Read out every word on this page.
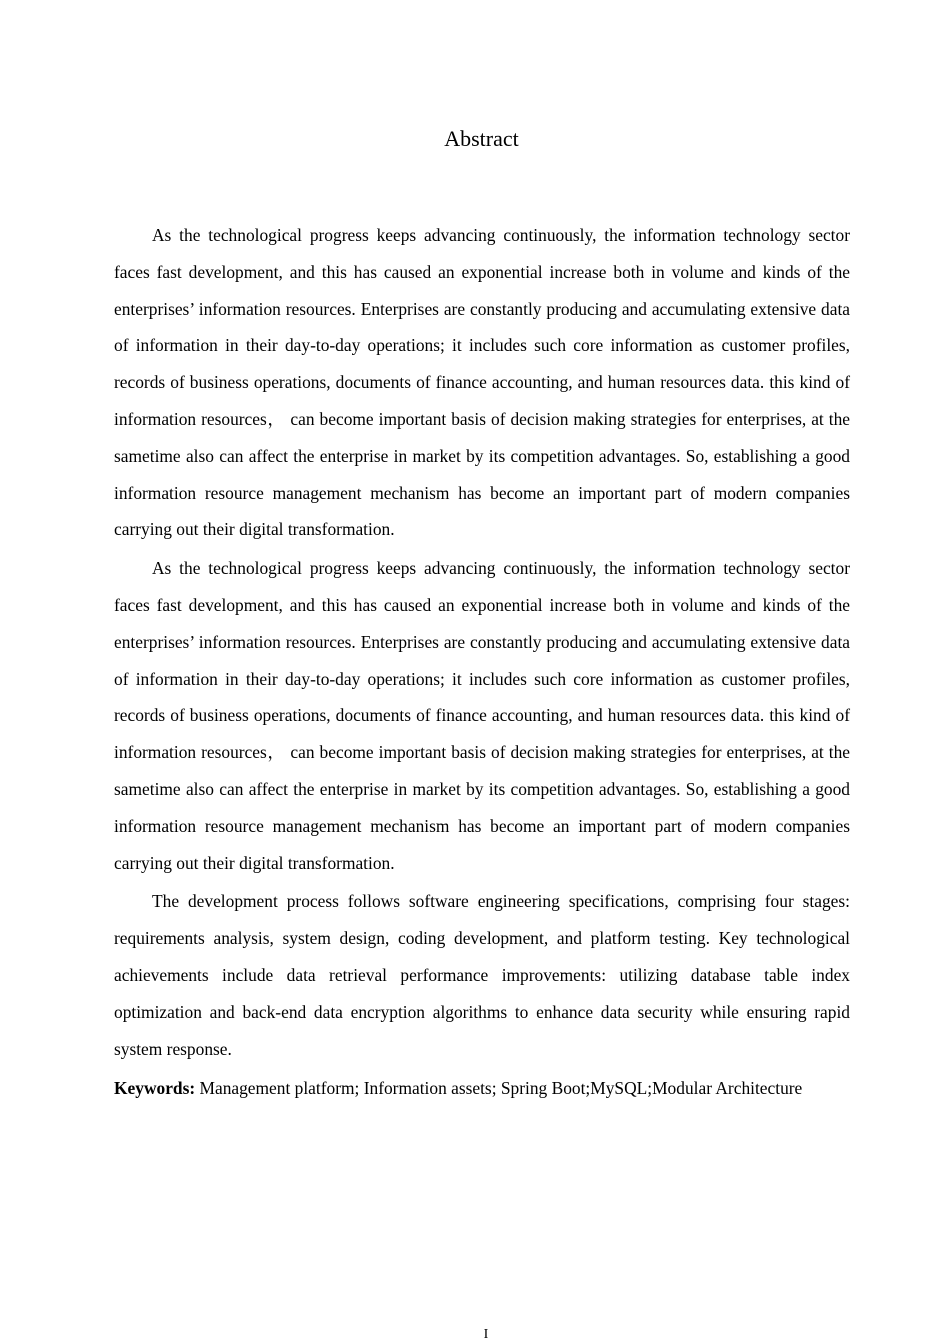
Abstract

As the technological progress keeps advancing continuously, the information technology sector faces fast development, and this has caused an exponential increase both in volume and kinds of the enterprises’ information resources. Enterprises are constantly producing and accumulating extensive data of information in their day-to-day operations; it includes such core information as customer profiles, records of business operations, documents of finance accounting, and human resources data. this kind of information resources， can become important basis of decision making strategies for enterprises, at the sametime also can affect the enterprise in market by its competition advantages. So, establishing a good information resource management mechanism has become an important part of modern companies carrying out their digital transformation.

As the technological progress keeps advancing continuously, the information technology sector faces fast development, and this has caused an exponential increase both in volume and kinds of the enterprises’ information resources. Enterprises are constantly producing and accumulating extensive data of information in their day-to-day operations; it includes such core information as customer profiles, records of business operations, documents of finance accounting, and human resources data. this kind of information resources， can become important basis of decision making strategies for enterprises, at the sametime also can affect the enterprise in market by its competition advantages. So, establishing a good information resource management mechanism has become an important part of modern companies carrying out their digital transformation.

The development process follows software engineering specifications, comprising four stages: requirements analysis, system design, coding development, and platform testing. Key technological achievements include data retrieval performance improvements: utilizing database table index optimization and back-end data encryption algorithms to enhance data security while ensuring rapid system response.

Keywords: Management platform; Information assets; Spring Boot;MySQL;Modular Architecture

I
